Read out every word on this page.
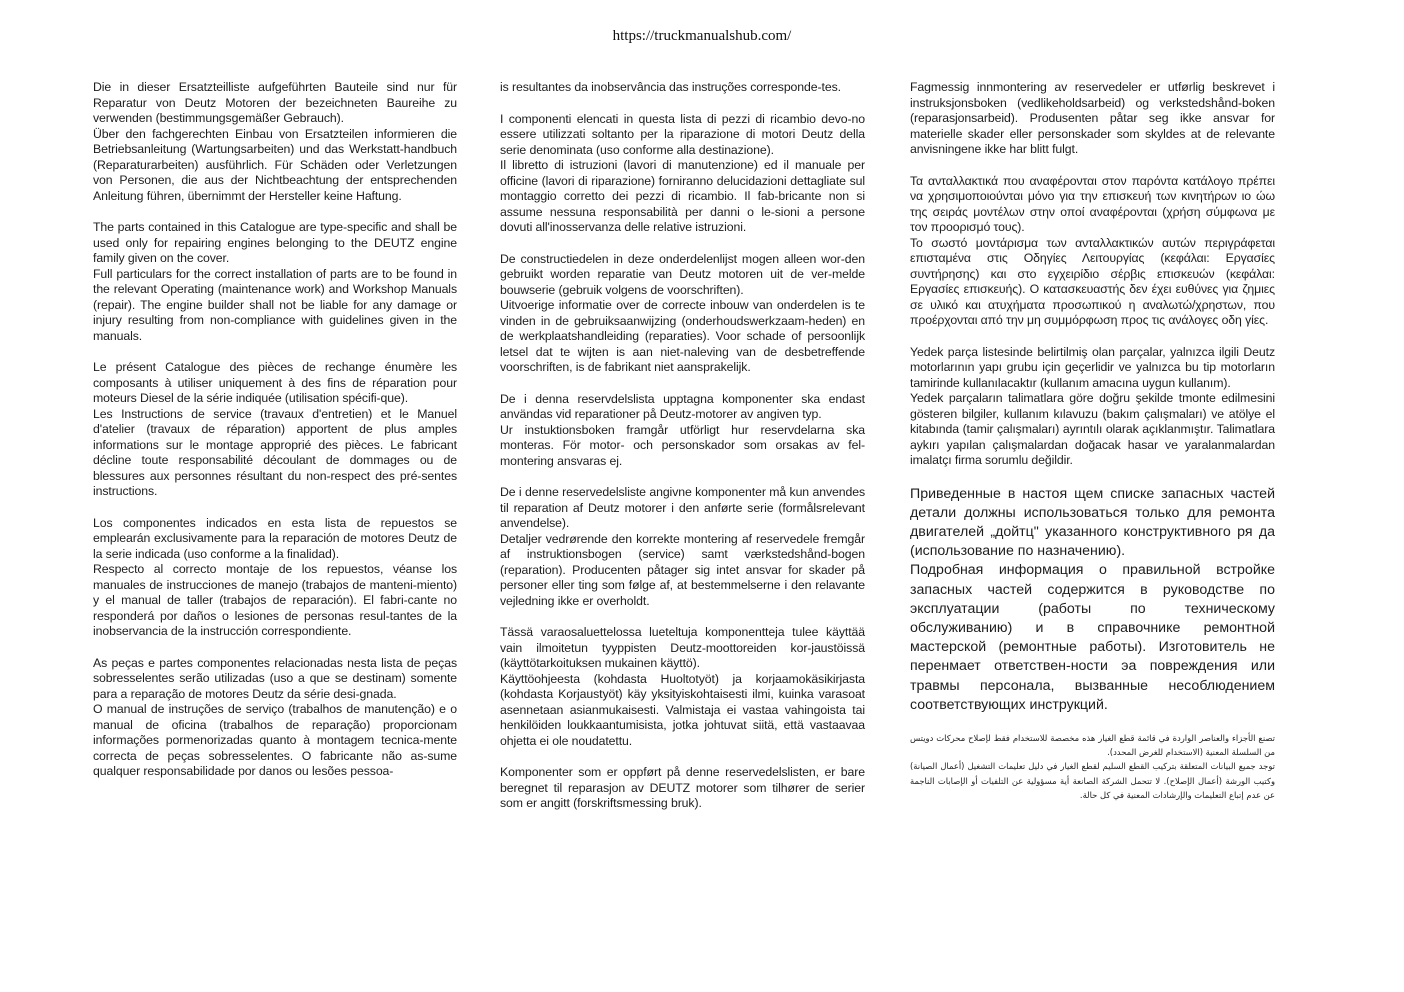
https://truckmanualshub.com/

Die in dieser Ersatzteilliste aufgeführten Bauteile sind nur für Reparatur von Deutz Motoren der bezeichneten Baureihe zu verwenden (bestimmungsgemäßer Gebrauch).
Über den fachgerechten Einbau von Ersatzteilen informieren die Betriebsanleitung (Wartungsarbeiten) und das Werkstatt-handbuch (Reparaturarbeiten) ausführlich. Für Schäden oder Verletzungen von Personen, die aus der Nichtbeachtung der entsprechenden Anleitung führen, übernimmt der Hersteller keine Haftung.

The parts contained in this Catalogue are type-specific and shall be used only for repairing engines belonging to the DEUTZ engine family given on the cover.
Full particulars for the correct installation of parts are to be found in the relevant Operating (maintenance work) and Workshop Manuals (repair). The engine builder shall not be liable for any damage or injury resulting from non-compliance with guidelines given in the manuals.

Le présent Catalogue des pièces de rechange énumère les composants à utiliser uniquement à des fins de réparation pour moteurs Diesel de la série indiquée (utilisation spécifi-que).
Les Instructions de service (travaux d'entretien) et le Manuel d'atelier (travaux de réparation) apportent de plus amples informations sur le montage approprié des pièces. Le fabricant décline toute responsabilité découlant de dommages ou de blessures aux personnes résultant du non-respect des pré-sentes instructions.

Los componentes indicados en esta lista de repuestos se emplearán exclusivamente para la reparación de motores Deutz de la serie indicada (uso conforme a la finalidad).
Respecto al correcto montaje de los repuestos, véanse los manuales de instrucciones de manejo (trabajos de manteni-miento) y el manual de taller (trabajos de reparación). El fabri-cante no responderá por daños o lesiones de personas resul-tantes de la inobservancia de la instrucción correspondiente.

As peças e partes componentes relacionadas nesta lista de peças sobresselentes serão utilizadas (uso a que se destinam) somente para a reparação de motores Deutz da série desi-gnada.
O manual de instruções de serviço (trabalhos de manutenção) e o manual de oficina (trabalhos de reparação) proporcionam informações pormenorizadas quanto à montagem tecnica-mente correcta de peças sobresselentes. O fabricante não as-sume qualquer responsabilidade por danos ou lesões pessoa-

is resultantes da inobservância das instruções corresponde-tes.

I componenti elencati in questa lista di pezzi di ricambio devo-no essere utilizzati soltanto per la riparazione di motori Deutz della serie denominata (uso conforme alla destinazione).
Il libretto di istruzioni (lavori di manutenzione) ed il manuale per officine (lavori di riparazione) forniranno delucidazioni dettagliate sul montaggio corretto dei pezzi di ricambio. Il fab-bricante non si assume nessuna responsabilità per danni o le-sioni a persone dovuti all'inosservanza delle relative istruzioni.

De constructiedelen in deze onderdelenlijst mogen alleen wor-den gebruikt worden reparatie van Deutz motoren uit de ver-melde bouwserie (gebruik volgens de voorschriften).
Uitvoerige informatie over de correcte inbouw van onderdelen is te vinden in de gebruiksaanwijzing (onderhoudswerkzaam-heden) en de werkplaatshandleiding (reparaties). Voor schade of persoonlijk letsel dat te wijten is aan niet-naleving van de desbetreffende voorschriften, is de fabrikant niet aansprakelijk.

De i denna reservdelslista upptagna komponenter ska endast användas vid reparationer på Deutz-motorer av angiven typ.
Ur instuktionsboken framgår utförligt hur reservdelarna ska monteras. För motor- och personskador som orsakas av fel-montering ansvaras ej.

De i denne reservedelsliste angivne komponenter må kun anvendes til reparation af Deutz motorer i den anførte serie (formålsrelevant anvendelse).
Detaljer vedrørende den korrekte montering af reservedele fremgår af instruktionsbogen (service) samt værkstedshånd-bogen (reparation). Producenten påtager sig intet ansvar for skader på personer eller ting som følge af, at bestemmelserne i den relavante vejledning ikke er overholdt.

Tässä varaosaluettelossa lueteltuja komponentteja tulee käyttää vain ilmoitetun tyyppisten Deutz-moottoreiden kor-jaustöissä (käyttötarkoituksen mukainen käyttö).
Käyttöohjeesta (kohdasta Huoltotyöt) ja korjaamokäsikirjasta (kohdasta Korjaustyöt) käy yksityiskohtaisesti ilmi, kuinka varasoat asennetaan asianmukaisesti. Valmistaja ei vastaa vahingoista tai henkilöiden loukkaantumisista, jotka johtuvat siitä, että vastaavaa ohjetta ei ole noudatettu.

Komponenter som er oppført på denne reservedelslisten, er bare beregnet til reparasjon av DEUTZ motorer som tilhører de serier som er angitt (forskriftsmessing bruk).

Fagmessig innmontering av reservedeler er utførlig beskrevet i instruksjonsboken (vedlikeholdsarbeid) og verkstedshånd-boken (reparasjonsarbeid). Produsenten påtar seg ikke ansvar for materielle skader eller personskader som skyldes at de relevante anvisningene ikke har blitt fulgt.

Τα ανταλλακτικά που αναφέρονται στον παρόντα κατάλογο πρέπει να χρησιμοποιούνται μόνο για την επισκευή των κινητήρων ιο ώω της σειράς μοντέλων στην οποί αναφέρονται (χρήση σύμφωνα με τον προορισμό τους).
Το σωστό μοντάρισμα των ανταλλακτικών αυτών περιγράφεται επισταμένα στις Οδηγίες Λειτουργίας (κεφάλαι: Εργασίες συντήρησης) και στο εγχειρίδιο σέρβις επισκευών (κεφάλαι: Εργασίες επισκευής). Ο κατασκευαστής δεν έχει ευθύνες για ζημιες σε υλικό και ατυχήματα προσωπικού η αναλωτώ/χρηστων, που προέρχονται από την μη συμμόρφωση προς τις ανάλογες οδη γίες.

Yedek parça listesinde belirtilmiş olan parçalar, yalnızca ilgili Deutz motorlarının yapı grubu için geçerlidir ve yalnızca bu tip motorların tamirinde kullanılacaktır (kullanım amacına uygun kullanım).
Yedek parçaların talimatlara göre doğru şekilde tmonte edilmesini gösteren bilgiler, kullanım kılavuzu (bakım çalışmaları) ve atölye el kitabında (tamir çalışmaları) ayrıntılı olarak açıklanmıştır. Talimatlara aykırı yapılan çalışmalardan doğacak hasar ve yaralanmalardan imalatçı firma sorumlu değildir.

Приведенные в настоя щем списке запасных частей детали должны использоваться только для ремонта двигателей „дойтц" указанного конструктивного ря да (использование по назначению).
Подробная информация о правильной встройке запасных частей содержится в руководстве по эксплуатации (работы по техническому обслуживанию) и в справочнике ремонтной мастерской (ремонтные работы). Изготовитель не перенмает ответствен-ности эа повреждения или травмы персонала, вызванные несоблюдением соответствующих инструкций.

تصنع الأجزاء والعناصر الواردة في قائمة قطع الغيار هذه مخصصة للاستخدام فقط لإصلاح محركات دويتس من السلسلة المعنية (الاستخدام للغرض المحدد).
توجد جميع البيانات المتعلقة بتركيب القطع السليم لقطع الغيار في دليل تعليمات التشغيل (أعمال الصيانة) وكتيب الورشة (أعمال الإصلاح). لا تتحمل الشركة الصانعة أية مسؤولية عن التلفيات أو الإصابات الناجمة عن عدم إتباع التعليمات والإرشادات المعنية في كل حالة.
